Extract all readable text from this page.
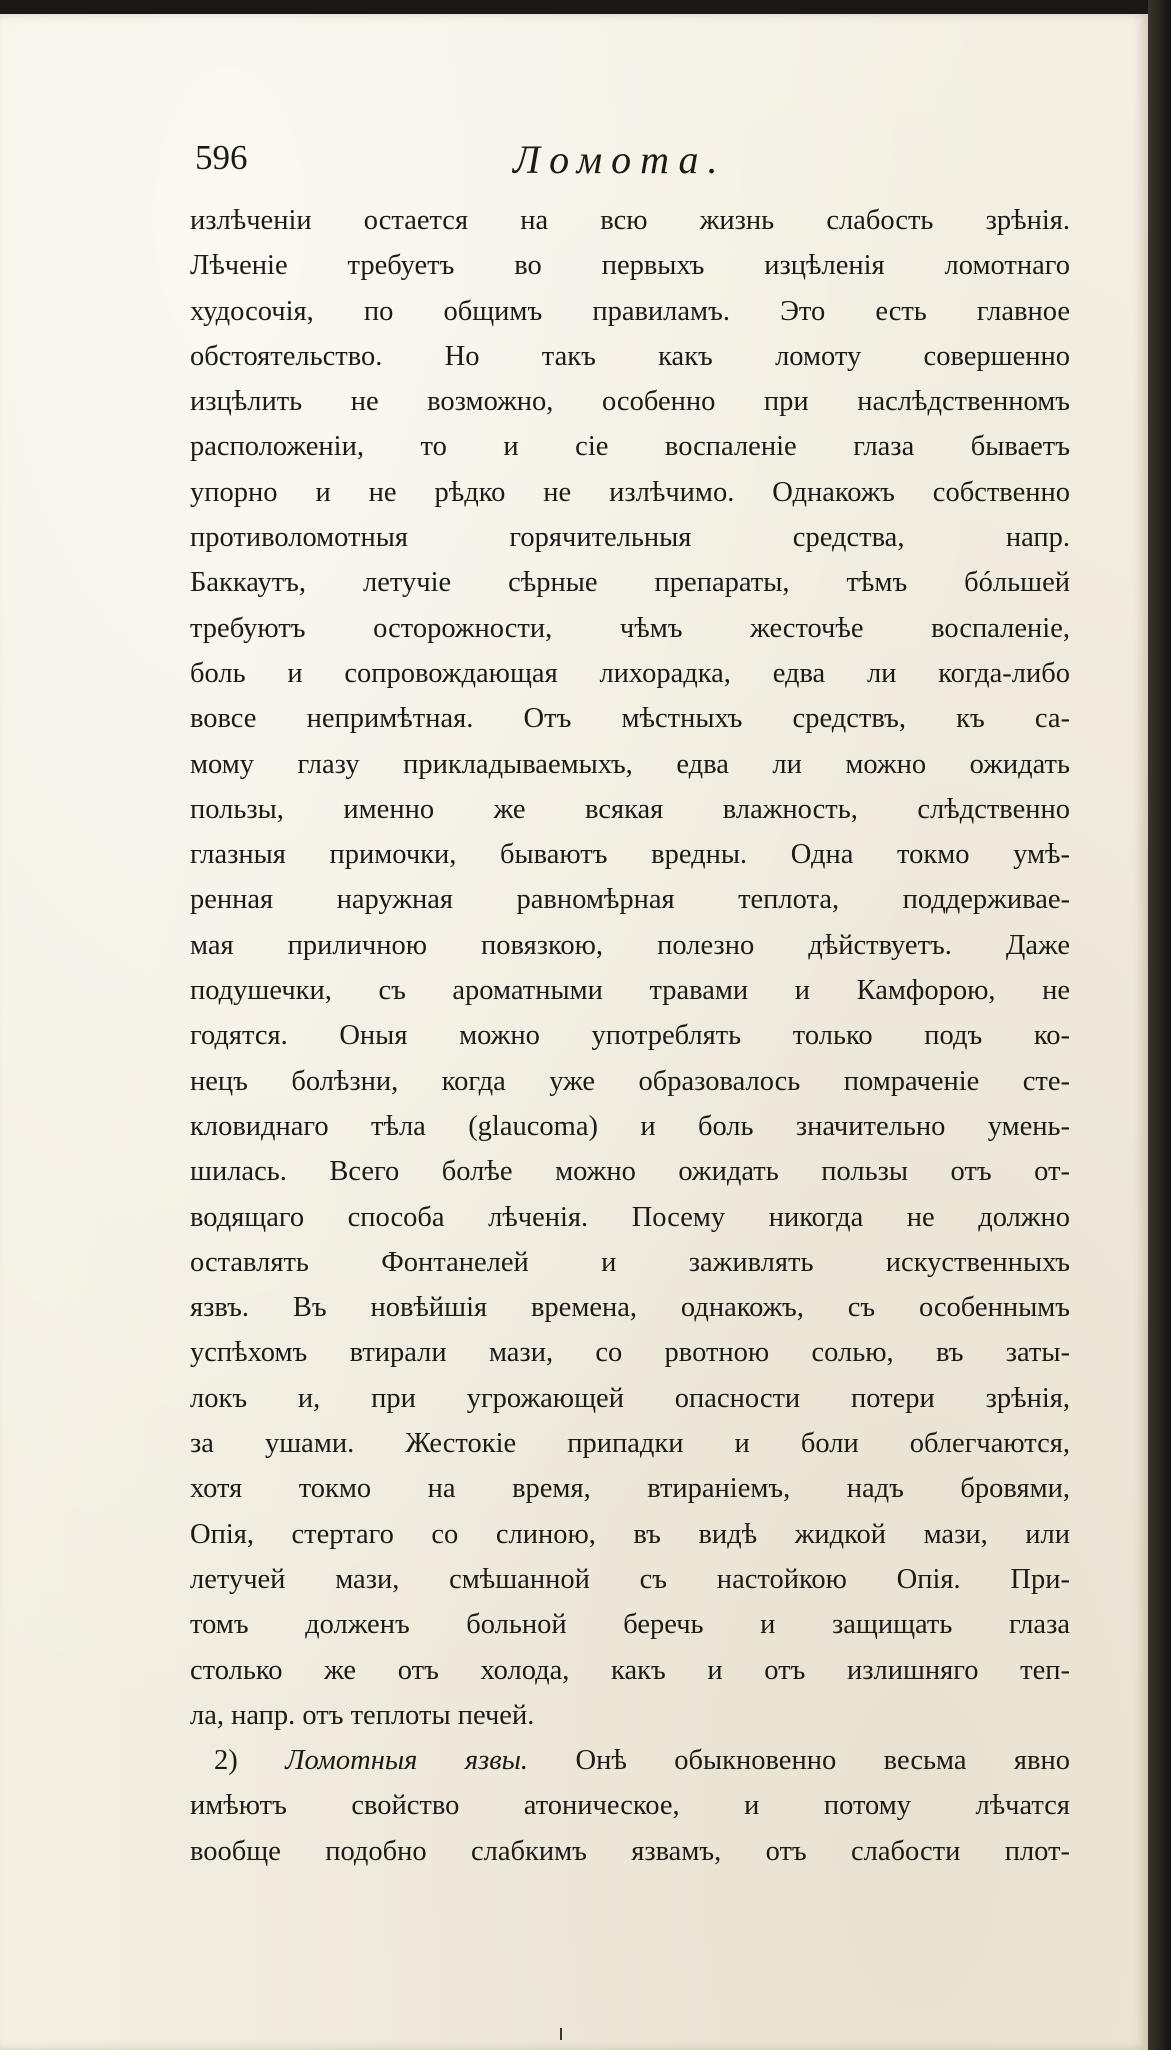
596	Ломота.
излѣченіи остается на всю жизнь слабость зрѣнія.
Лѣченіе требуетъ во первыхъ изцѣленія ломотнаго
худосочія, по общимъ правиламъ. Это есть главное
обстоятельство. Но такъ какъ ломоту совершенно
изцѣлить не возможно, особенно при наслѣдственномъ
расположеніи, то и сіе воспаленіе глаза бываетъ
упорно и не рѣдко не излѣчимо. Однакожъ собственно
противоломотныя горячительныя средства, напр.
Баккаутъ, летучіе сѣрные препараты, тѣмъ бóльшей
требуютъ осторожности, чѣмъ жесточѣе воспаленіе,
боль и сопровождающая лихорадка, едва ли когда-либо
вовсе непримѣтная. Отъ мѣстныхъ средствъ, къ са-
мому глазу прикладываемыхъ, едва ли можно ожидать
пользы, именно же всякая влажность, слѣдственно
глазныя примочки, бываютъ вредны. Одна токмо умѣ-
ренная наружная равномѣрная теплота, поддерживае-
мая приличною повязкою, полезно дѣйствуетъ. Даже
подушечки, съ ароматными травами и Камфорою, не
годятся. Оныя можно употреблять только подъ ко-
нецъ болѣзни, когда уже образовалось помраченіе сте-
кловиднаго тѣла (glaucoma) и боль значительно умень-
шилась. Всего болѣе можно ожидать пользы отъ от-
водящаго способа лѣченія. Посему никогда не должно
оставлять Фонтанелей и заживлять искуственныхъ
язвъ. Въ новѣйшія времена, однакожъ, съ особеннымъ
успѣхомъ втирали мази, со рвотною солью, въ заты-
локъ и, при угрожающей опасности потери зрѣнія,
за ушами. Жестокіе припадки и боли облегчаются,
хотя токмо на время, втираніемъ, надъ бровями,
Опія, стертаго со слиною, въ видѣ жидкой мази, или
летучей мази, смѣшанной съ настойкою Опія. При-
томъ долженъ больной беречь и защищать глаза
столько же отъ холода, какъ и отъ излишняго теп-
ла, напр. отъ теплоты печей.
2) Ломотныя язвы. Онѣ обыкновенно весьма явно
имѣютъ свойство атоническое, и потому лѣчатся
вообще подобно слабкимъ язвамъ, отъ слабости плот-
